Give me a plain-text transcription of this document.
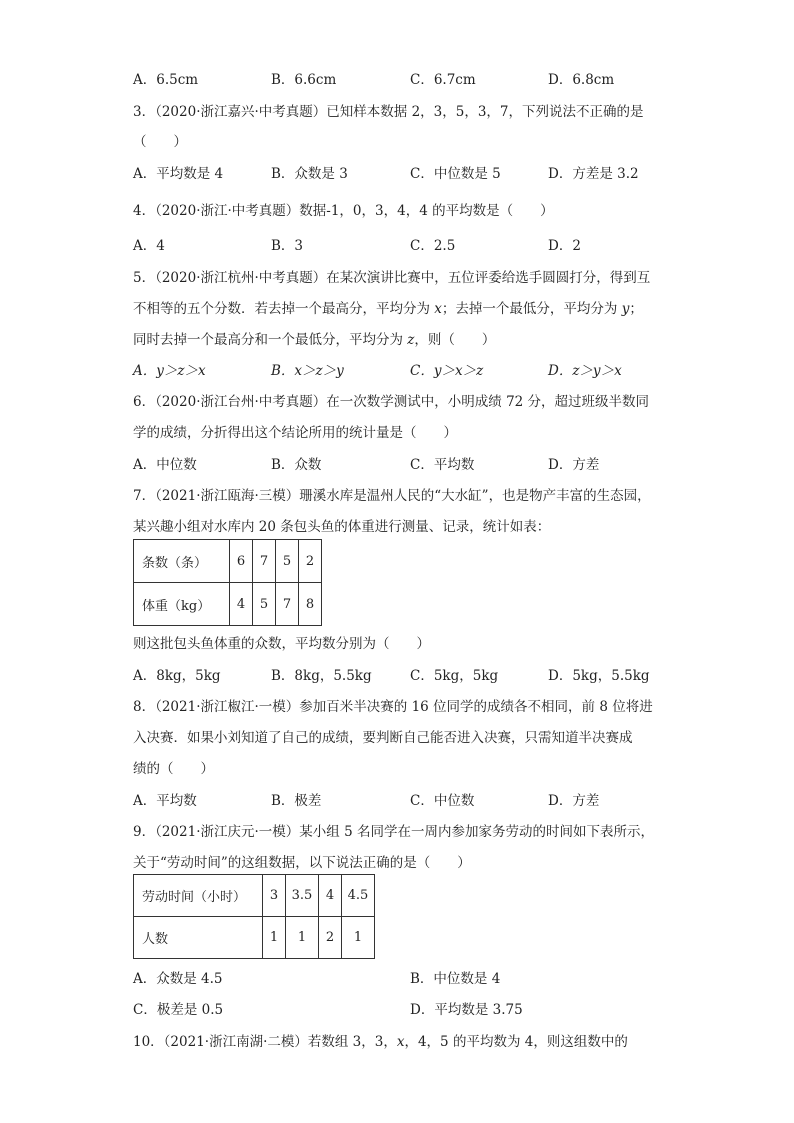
A．6.5cm	B．6.6cm	C．6.7cm	D．6.8cm
3．（2020·浙江嘉兴·中考真题）已知样本数据 2，3，5，3，7，下列说法不正确的是
（　　）
A．平均数是 4	B．众数是 3	C．中位数是 5	D．方差是 3.2
4．（2020·浙江·中考真题）数据-1，0，3，4，4 的平均数是（　　）
A．4	B．3	C．2.5	D．2
5．（2020·浙江杭州·中考真题）在某次演讲比赛中，五位评委给选手圆圆打分，得到互
不相等的五个分数．若去掉一个最高分，平均分为 x；去掉一个最低分，平均分为 y；
同时去掉一个最高分和一个最低分，平均分为 z，则（　　）
A．y＞z＞x	B．x＞z＞y	C．y＞x＞z	D．z＞y＞x
6．（2020·浙江台州·中考真题）在一次数学测试中，小明成绩 72 分，超过班级半数同
学的成绩，分折得出这个结论所用的统计量是（　　）
A．中位数	B．众数	C．平均数	D．方差
7．（2021·浙江瓯海·三模）珊溪水库是温州人民的“大水缸”，也是物产丰富的生态园，
某兴趣小组对水库内 20 条包头鱼的体重进行测量、记录，统计如表：
条数（条）	6	7	5	2
体重（kg）	4	5	7	8
则这批包头鱼体重的众数，平均数分别为（　　）
A．8kg，5kg	B．8kg，5.5kg	C．5kg，5kg	D．5kg，5.5kg
8．（2021·浙江椒江·一模）参加百米半决赛的 16 位同学的成绩各不相同，前 8 位将进
入决赛．如果小刘知道了自己的成绩，要判断自己能否进入决赛，只需知道半决赛成
绩的（　　）
A．平均数	B．极差	C．中位数	D．方差
9．（2021·浙江庆元·一模）某小组 5 名同学在一周内参加家务劳动的时间如下表所示，
关于“劳动时间”的这组数据，以下说法正确的是（　　）
劳动时间（小时）	3	3.5	4	4.5
人数	1	1	2	1
A．众数是 4.5	B．中位数是 4
C．极差是 0.5	D．平均数是 3.75
10．（2021·浙江南湖·二模）若数组 3，3，x，4，5 的平均数为 4，则这组数中的
